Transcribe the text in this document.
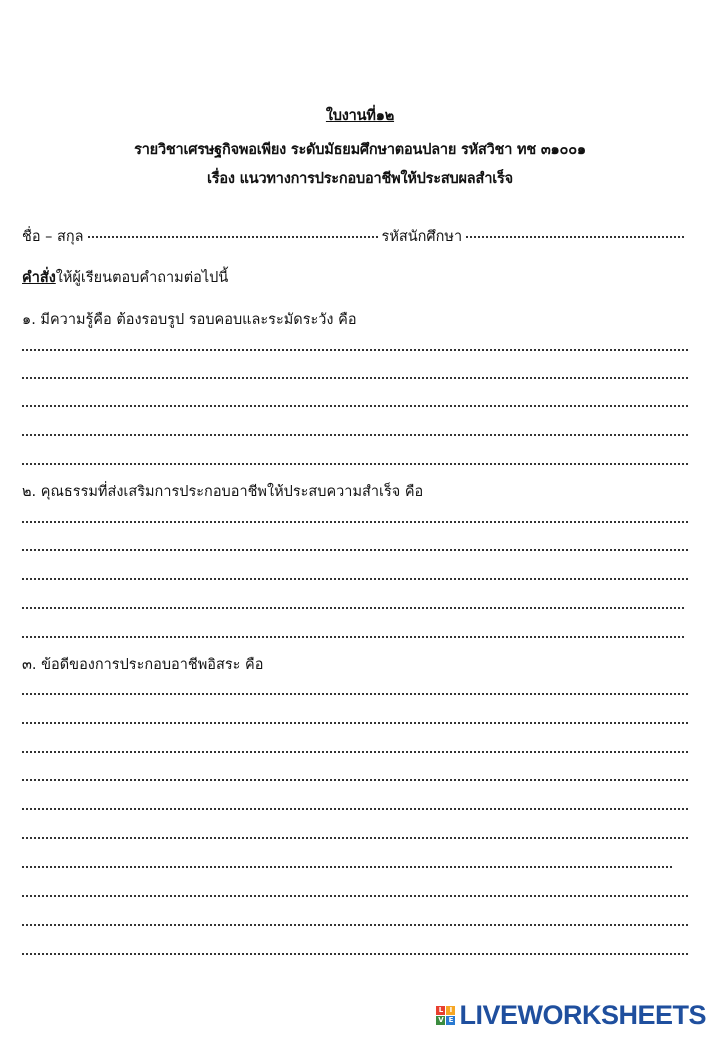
ใบงานที่๑๒
รายวิชาเศรษฐกิจพอเพียง ระดับมัธยมศึกษาตอนปลาย รหัสวิชา ทช ๓๑๐๐๑
เรื่อง แนวทางการประกอบอาชีพให้ประสบผลสำเร็จ
ชื่อ – สกุล	รหัสนักศึกษา
คำสั่ง ให้ผู้เรียนตอบคำถามต่อไปนี้
๑. มีความรู้คือ ต้องรอบรูป รอบคอบและระมัดระวัง คือ
๒. คุณธรรมที่ส่งเสริมการประกอบอาชีพให้ประสบความสำเร็จ คือ
๓. ข้อดีของการประกอบอาชีพอิสระ คือ
L I
V E LIVEWORKSHEETS
